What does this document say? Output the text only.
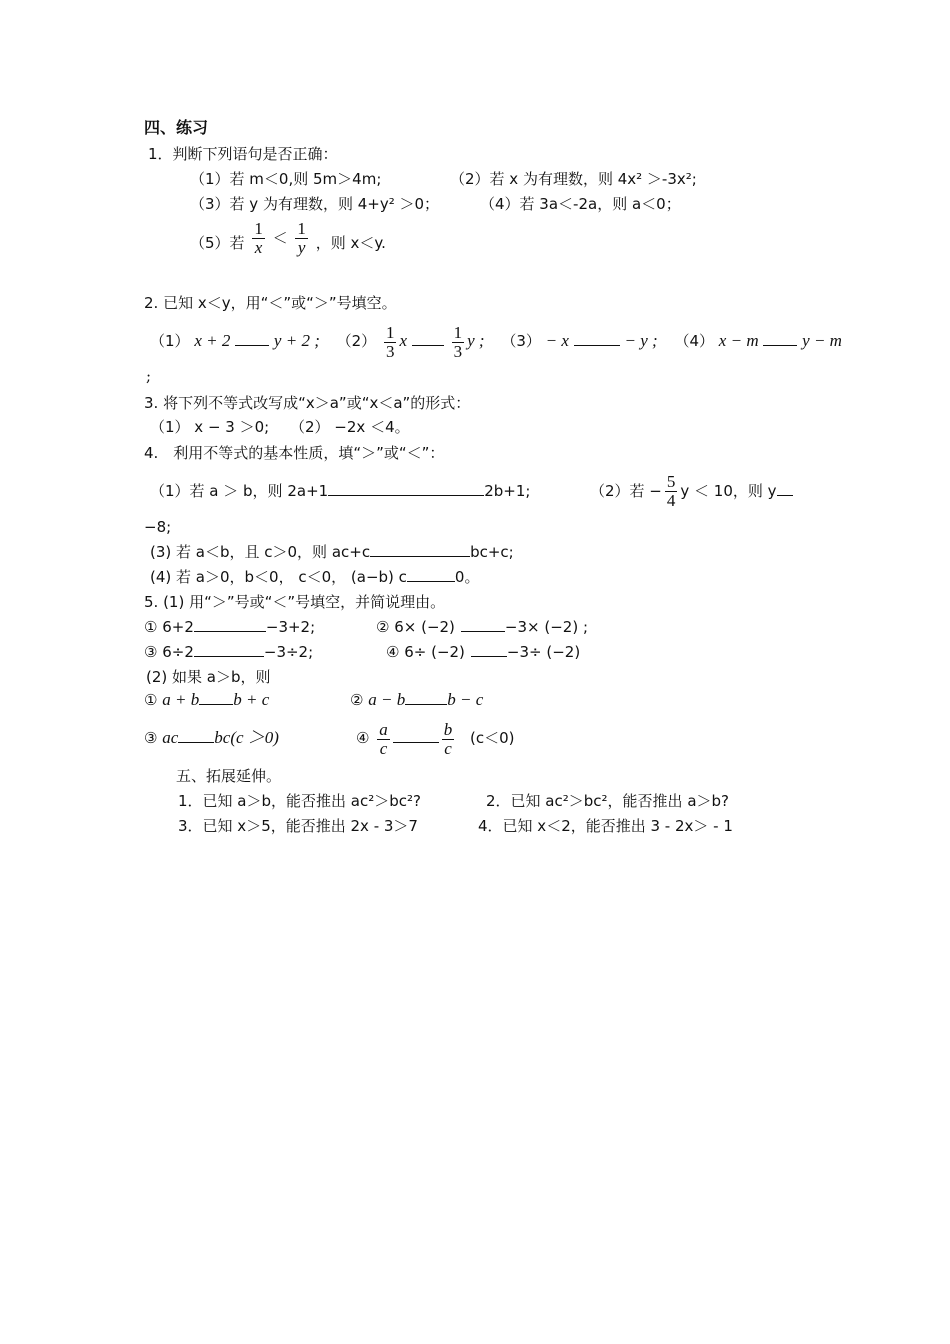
四、练习
1．判断下列语句是否正确：
（1）若 m＜0,则 5m＞4m;	（2）若 x 为有理数，则 4x² ＞-3x²;
（3）若 y 为有理数，则 4+y² ＞0；	（4）若 3a＜-2a，则 a＜0；
（5）若 $\frac{1}{x} < \frac{1}{y}$ ，则 x＜y.
2. 已知 x＜y，用“＜”或“＞”号填空。
（1） x + 2	y + 2 ; $(2) \frac{1}{3}$ x	$\frac{1}{3}$ y ; （3） − x	− y ; （4） x − m	y − m
;
3. 将下列不等式改写成“x＞a”或“x＜a”的形式：
（1） x − 3 ＞0; （2） −2x ＜4。
4.　利用不等式的基本性质，填“＞”或“＜”：
（1）若 a ＞ b，则 2a+1	2b+1;	（2）若 − $\frac{5}{4}$ y ＜ 10，则 y
−8;
(3) 若 a＜b，且 c＞0，则 ac+c	bc+c;
(4) 若 a＞0，b＜0， c＜0， (a−b) c	0。
5. (1) 用“＞”号或“＜”号填空，并简说理由。
① 6+2	−3+2;	② 6× (−2)	−3× (−2) ;
③ 6÷2	−3÷2;	④ 6÷ (−2)	−3÷ (−2)
(2) 如果 a＞b，则
① a + b b + c	② a − b b − c
③ ac bc(c ＞0)	④ $\frac{a}{c}$	$\frac{b}{c} (c<0)$
五、拓展延伸。
1．已知 a＞b，能否推出 ac²＞bc²?	2．已知 ac²＞bc²，能否推出 a＞b?
3．已知 x＞5，能否推出 2x - 3＞7	4．已知 x＜2，能否推出 3 - 2x＞ - 1
